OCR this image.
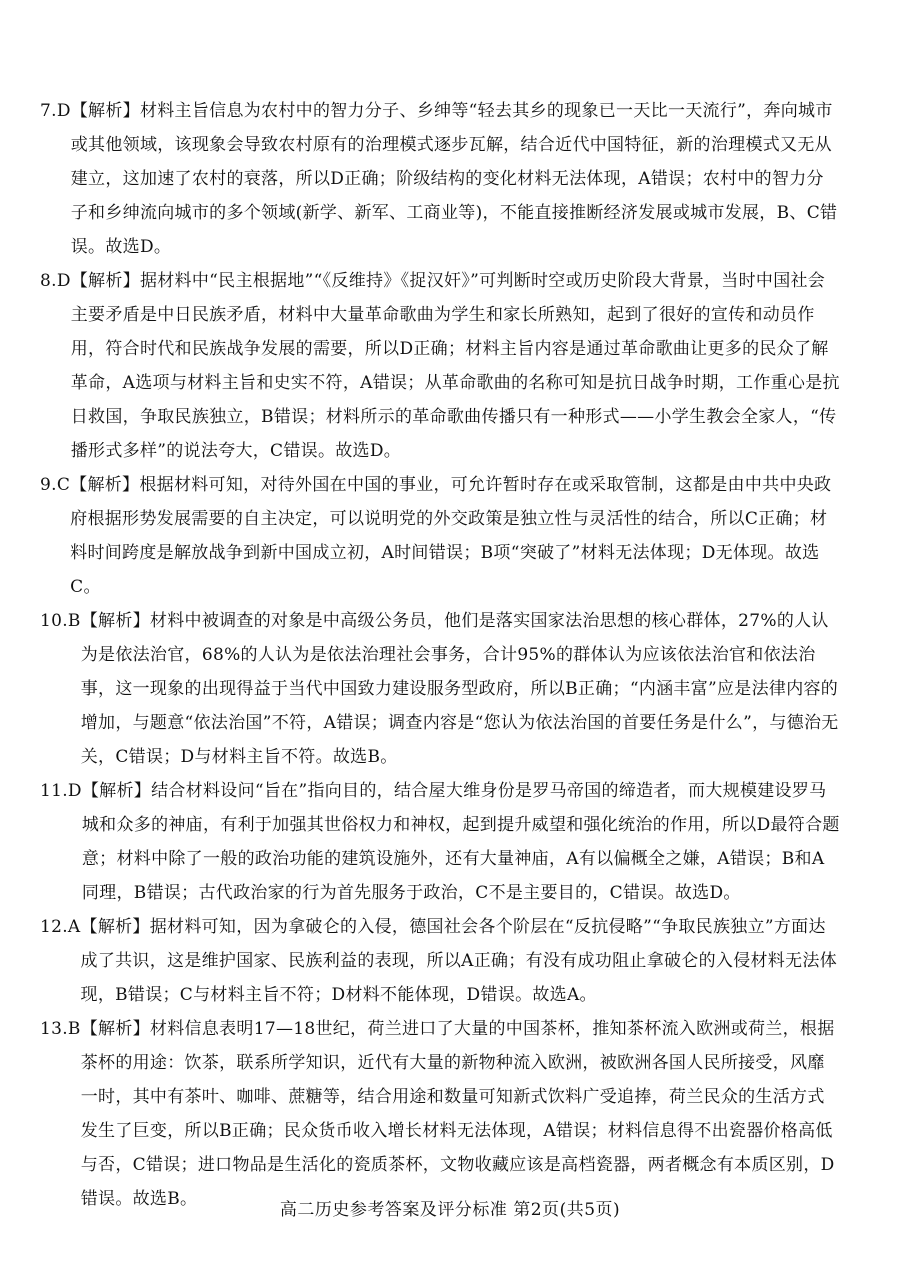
7.D 【解析】材料主旨信息为农村中的智力分子、乡绅等“轻去其乡的现象已一天比一天流行”，奔向城市或其他领域，该现象会导致农村原有的治理模式逐步瓦解，结合近代中国特征，新的治理模式又无从建立，这加速了农村的衰落，所以D正确；阶级结构的变化材料无法体现，A错误；农村中的智力分子和乡绅流向城市的多个领域(新学、新军、工商业等)，不能直接推断经济发展或城市发展，B、C错误。故选D。
8.D 【解析】据材料中“民主根据地”“《反维持》《捉汉奸》”可判断时空或历史阶段大背景，当时中国社会主要矛盾是中日民族矛盾，材料中大量革命歌曲为学生和家长所熟知，起到了很好的宣传和动员作用，符合时代和民族战争发展的需要，所以D正确；材料主旨内容是通过革命歌曲让更多的民众了解革命，A选项与材料主旨和史实不符，A错误；从革命歌曲的名称可知是抗日战争时期，工作重心是抗日救国，争取民族独立，B错误；材料所示的革命歌曲传播只有一种形式——小学生教会全家人，“传播形式多样”的说法夸大，C错误。故选D。
9.C 【解析】根据材料可知，对待外国在中国的事业，可允许暂时存在或采取管制，这都是由中共中央政府根据形势发展需要的自主决定，可以说明党的外交政策是独立性与灵活性的结合，所以C正确；材料时间跨度是解放战争到新中国成立初，A时间错误；B项“突破了”材料无法体现；D无体现。故选C。
10.B 【解析】材料中被调查的对象是中高级公务员，他们是落实国家法治思想的核心群体，27%的人认为是依法治官，68%的人认为是依法治理社会事务，合计95%的群体认为应该依法治官和依法治事，这一现象的出现得益于当代中国致力建设服务型政府，所以B正确；“内涵丰富”应是法律内容的增加，与题意“依法治国”不符，A错误；调查内容是“您认为依法治国的首要任务是什么”，与德治无关，C错误；D与材料主旨不符。故选B。
11.D 【解析】结合材料设问“旨在”指向目的，结合屋大维身份是罗马帝国的缔造者，而大规模建设罗马城和众多的神庙，有利于加强其世俗权力和神权，起到提升威望和强化统治的作用，所以D最符合题意；材料中除了一般的政治功能的建筑设施外，还有大量神庙，A有以偏概全之嫌，A错误；B和A同理，B错误；古代政治家的行为首先服务于政治，C不是主要目的，C错误。故选D。
12.A 【解析】据材料可知，因为拿破仑的入侵，德国社会各个阶层在“反抗侵略”“争取民族独立”方面达成了共识，这是维护国家、民族利益的表现，所以A正确；有没有成功阻止拿破仑的入侵材料无法体现，B错误；C与材料主旨不符；D材料不能体现，D错误。故选A。
13.B 【解析】材料信息表明17—18世纪，荷兰进口了大量的中国茶杯，推知茶杯流入欧洲或荷兰，根据茶杯的用途：饮茶，联系所学知识，近代有大量的新物种流入欧洲，被欧洲各国人民所接受，风靡一时，其中有茶叶、咖啡、蔗糖等，结合用途和数量可知新式饮料广受追捧，荷兰民众的生活方式发生了巨变，所以B正确；民众货币收入增长材料无法体现，A错误；材料信息得不出瓷器价格高低与否，C错误；进口物品是生活化的瓷质茶杯，文物收藏应该是高档瓷器，两者概念有本质区别，D错误。故选B。
高二历史参考答案及评分标准 第2页(共5页)
